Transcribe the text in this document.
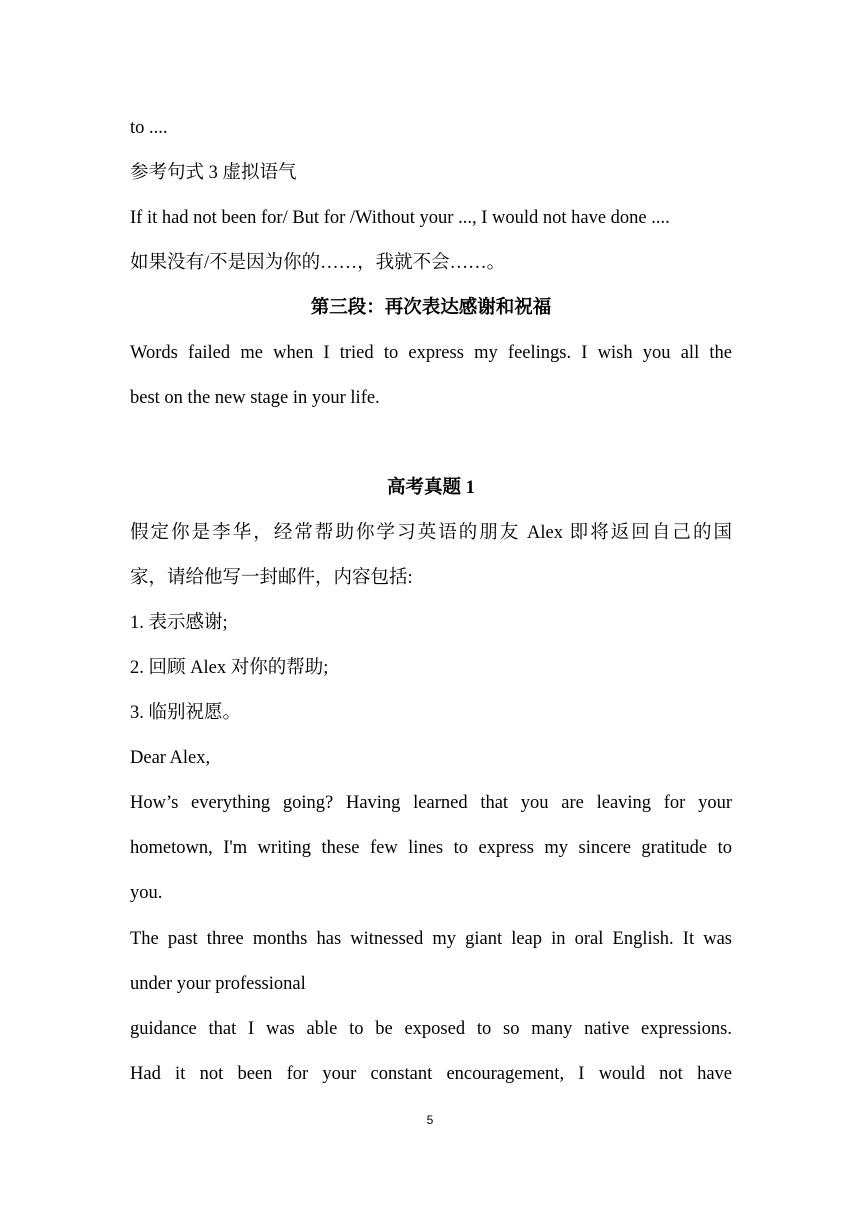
to ....
参考句式 3 虚拟语气
If it had not been for/ But for /Without your ..., I would not have done ....
如果没有/不是因为你的……，我就不会……。
第三段：再次表达感谢和祝福
Words failed me when I tried to express my feelings. I wish you all the
best on the new stage in your life.
高考真题 1
假定你是李华，经常帮助你学习英语的朋友 Alex 即将返回自己的国
家，请给他写一封邮件，内容包括:
1. 表示感谢;
2. 回顾 Alex 对你的帮助;
3. 临别祝愿。
Dear Alex,
How’s everything going? Having learned that you are leaving for your
hometown, I'm writing these few lines to express my sincere gratitude to
you.
The past three months has witnessed my giant leap in oral English. It was
under your professional
guidance that I was able to be exposed to so many native expressions.
Had it not been for your constant encouragement, I would not have
5
